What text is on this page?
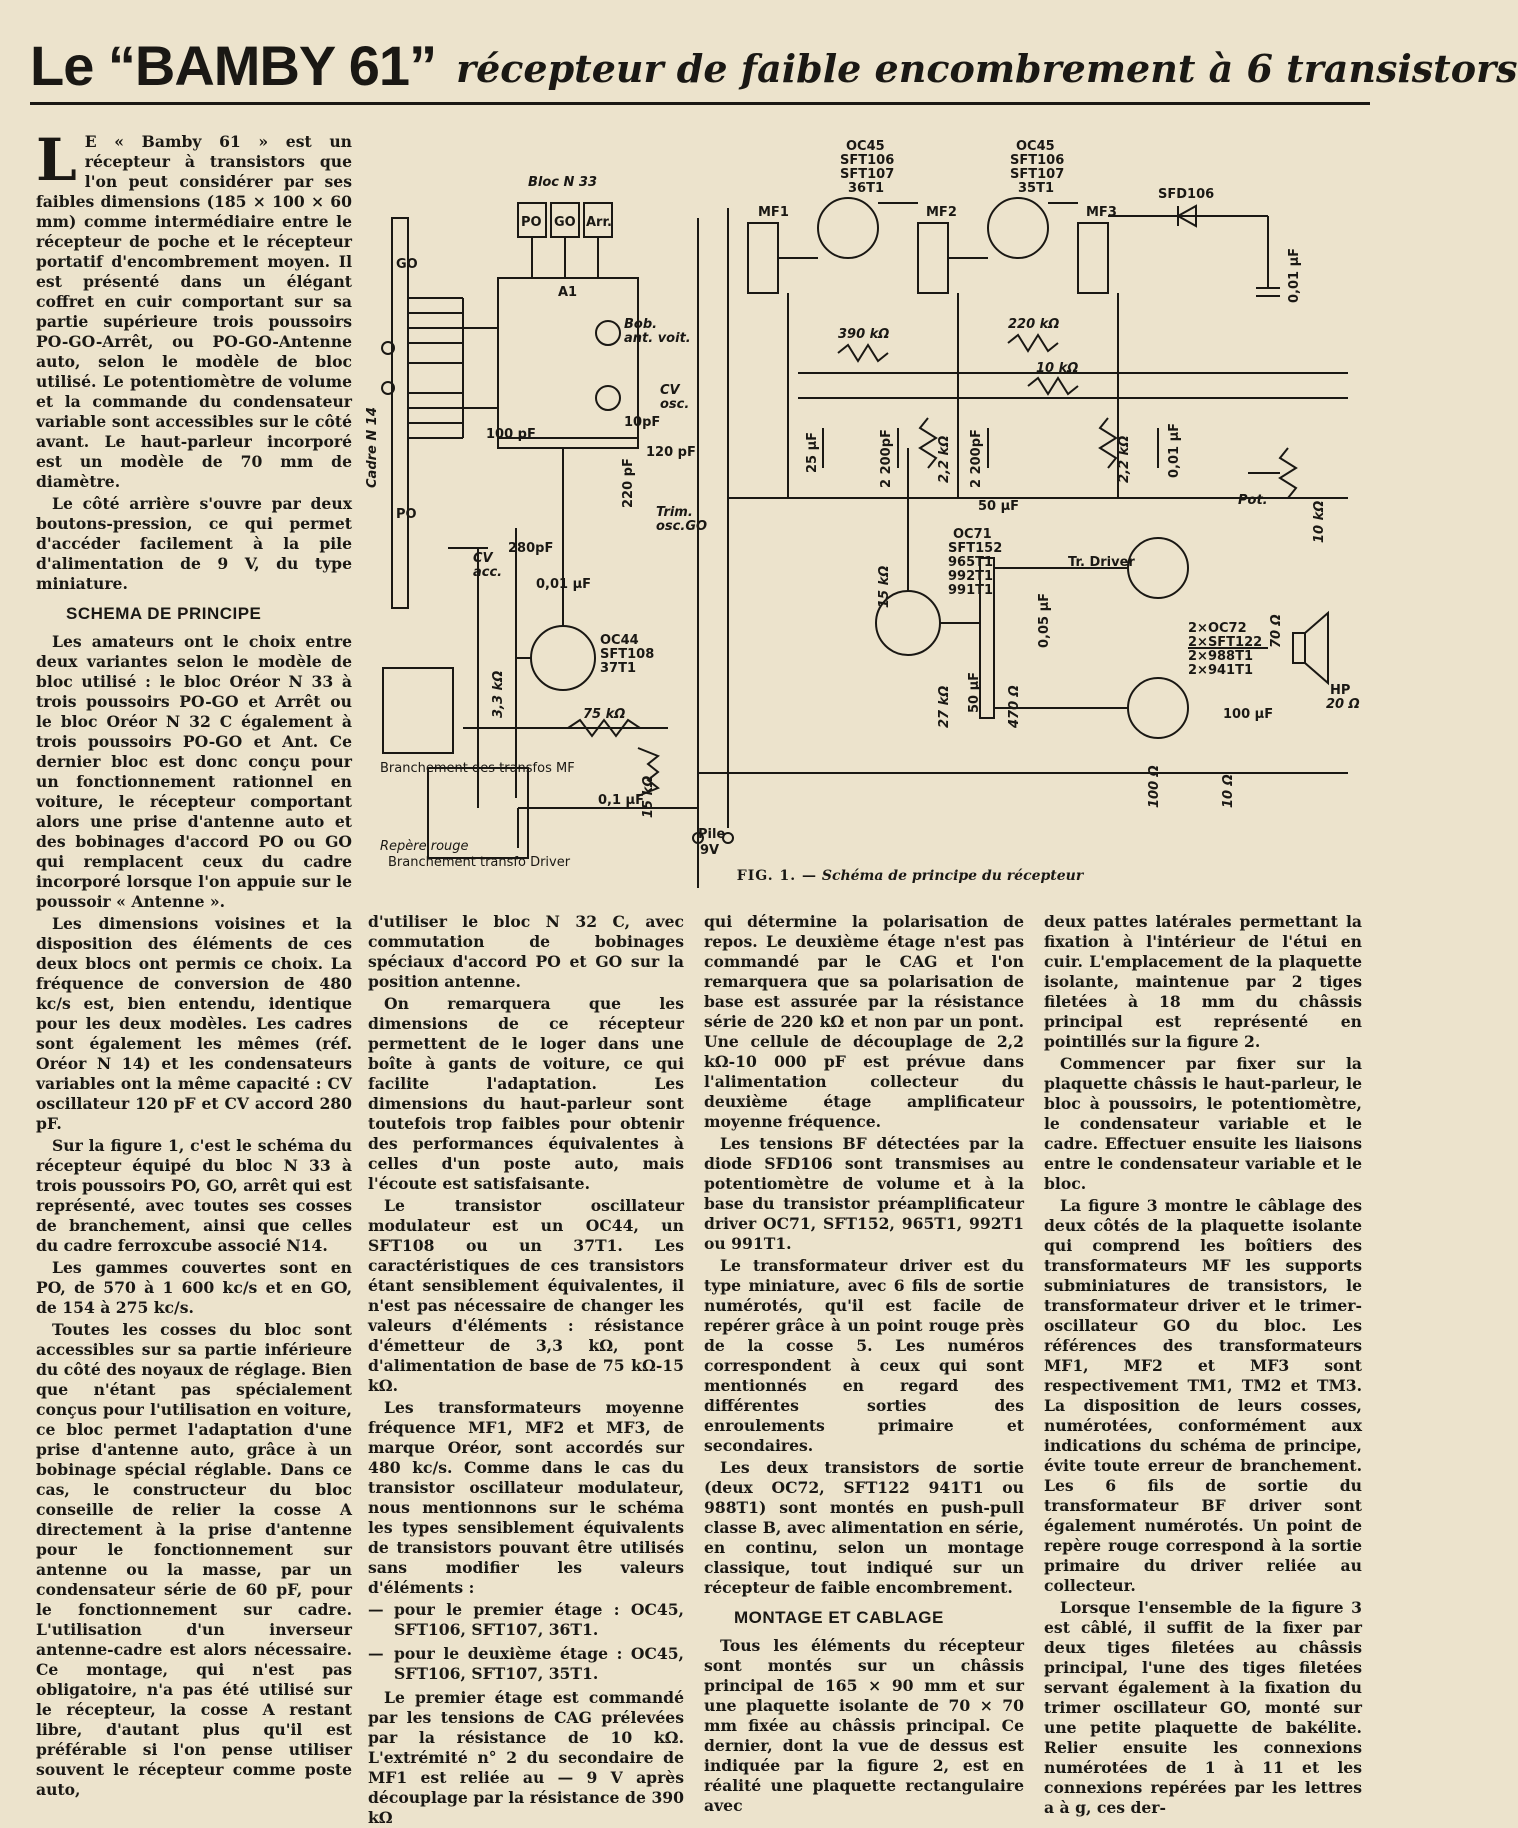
Le “BAMBY 61” récepteur de faible encombrement à 6 transistors

L E « Bamby 61 » est un récepteur à transistors que l'on peut considérer par ses faibles dimensions (185 × 100 × 60 mm) comme intermédiaire entre le récepteur de poche et le récepteur portatif d'encombrement moyen. Il est présenté dans un élégant coffret en cuir comportant sur sa partie supérieure trois poussoirs PO-GO-Arrêt, ou PO-GO-Antenne auto, selon le modèle de bloc utilisé. Le potentiomètre de volume et la commande du condensateur variable sont accessibles sur le côté avant. Le haut-parleur incorporé est un modèle de 70 mm de diamètre.

Le côté arrière s'ouvre par deux boutons-pression, ce qui permet d'accéder facilement à la pile d'alimentation de 9 V, du type miniature.

SCHEMA DE PRINCIPE

Les amateurs ont le choix entre deux variantes selon le modèle de bloc utilisé : le bloc Oréor N 33 à trois poussoirs PO-GO et Arrêt ou le bloc Oréor N 32 C également à trois poussoirs PO-GO et Ant. Ce dernier bloc est donc conçu pour un fonctionnement rationnel en voiture, le récepteur comportant alors une prise d'antenne auto et des bobinages d'accord PO ou GO qui remplacent ceux du cadre incorporé lorsque l'on appuie sur le poussoir « Antenne ».

Les dimensions voisines et la disposition des éléments de ces deux blocs ont permis ce choix. La fréquence de conversion de 480 kc/s est, bien entendu, identique pour les deux modèles. Les cadres sont également les mêmes (réf. Oréor N 14) et les condensateurs variables ont la même capacité : CV oscillateur 120 pF et CV accord 280 pF.

Sur la figure 1, c'est le schéma du récepteur équipé du bloc N 33 à trois poussoirs PO, GO, arrêt qui est représenté, avec toutes ses cosses de branchement, ainsi que celles du cadre ferroxcube associé N14.

Les gammes couvertes sont en PO, de 570 à 1 600 kc/s et en GO, de 154 à 275 kc/s.

Toutes les cosses du bloc sont accessibles sur sa partie inférieure du côté des noyaux de réglage. Bien que n'étant pas spécialement conçus pour l'utilisation en voiture, ce bloc permet l'adaptation d'une prise d'antenne auto, grâce à un bobinage spécial réglable. Dans ce cas, le constructeur du bloc conseille de relier la cosse A directement à la prise d'antenne pour le fonctionnement sur antenne ou la masse, par un condensateur série de 60 pF, pour le fonctionnement sur cadre. L'utilisation d'un inverseur antenne-cadre est alors nécessaire. Ce montage, qui n'est pas obligatoire, n'a pas été utilisé sur le récepteur, la cosse A restant libre, d'autant plus qu'il est préférable si l'on pense utiliser souvent le récepteur comme poste auto,

Bloc N 33
PO GO Arr.
A1
Cadre N 14
GO
PO
Bob.
ant. voit.
CV
osc.
100 pF
10pF
120 pF
220 pF
Trim.
osc.GO
CV
acc.
280pF
OC45
SFT106
SFT107
36T1
OC45
SFT106
SFT107
35T1
MF1	MF2	MF3
SFD106
0,01 µF
390 kΩ
220 kΩ
10 kΩ
25 µF	2 200pF	2 200pF
2,2 kΩ	2,2 kΩ	0,01 µF
Pot.
10 kΩ
50 µF
OC71
SFT152
965T1
992T1
991T1
15 kΩ
27 kΩ 50 µF 470 Ω
0,05 µF
Tr. Driver
2×OC72
2×SFT122
2×988T1
2×941T1
70 Ω
100 Ω	10 Ω
100 µF
HP
20 Ω
OC44
SFT108
37T1
3,3 kΩ
0,01 µF
75 kΩ
0,1 µF
15 kΩ
Pile
9V
Branchement des transfos MF
Repère rouge
Branchement transfo Driver
FIG. 1. — Schéma de principe du récepteur

d'utiliser le bloc N 32 C, avec commutation de bobinages spéciaux d'accord PO et GO sur la position antenne.

On remarquera que les dimensions de ce récepteur permettent de le loger dans une boîte à gants de voiture, ce qui facilite l'adaptation. Les dimensions du haut-parleur sont toutefois trop faibles pour obtenir des performances équivalentes à celles d'un poste auto, mais l'écoute est satisfaisante.

Le transistor oscillateur modulateur est un OC44, un SFT108 ou un 37T1. Les caractéristiques de ces transistors étant sensiblement équivalentes, il n'est pas nécessaire de changer les valeurs d'éléments : résistance d'émetteur de 3,3 kΩ, pont d'alimentation de base de 75 kΩ-15 kΩ.

Les transformateurs moyenne fréquence MF1, MF2 et MF3, de marque Oréor, sont accordés sur 480 kc/s. Comme dans le cas du transistor oscillateur modulateur, nous mentionnons sur le schéma les types sensiblement équivalents de transistors pouvant être utilisés sans modifier les valeurs d'éléments :

— pour le premier étage : OC45, SFT106, SFT107, 36T1.
— pour le deuxième étage : OC45, SFT106, SFT107, 35T1.

Le premier étage est commandé par les tensions de CAG prélevées par la résistance de 10 kΩ. L'extrémité n° 2 du secondaire de MF1 est reliée au — 9 V après découplage par la résistance de 390 kΩ

qui détermine la polarisation de repos. Le deuxième étage n'est pas commandé par le CAG et l'on remarquera que sa polarisation de base est assurée par la résistance série de 220 kΩ et non par un pont. Une cellule de découplage de 2,2 kΩ-10 000 pF est prévue dans l'alimentation collecteur du deuxième étage amplificateur moyenne fréquence.

Les tensions BF détectées par la diode SFD106 sont transmises au potentiomètre de volume et à la base du transistor préamplificateur driver OC71, SFT152, 965T1, 992T1 ou 991T1.

Le transformateur driver est du type miniature, avec 6 fils de sortie numérotés, qu'il est facile de repérer grâce à un point rouge près de la cosse 5. Les numéros correspondent à ceux qui sont mentionnés en regard des différentes sorties des enroulements primaire et secondaires.

Les deux transistors de sortie (deux OC72, SFT122 941T1 ou 988T1) sont montés en push-pull classe B, avec alimentation en série, en continu, selon un montage classique, tout indiqué sur un récepteur de faible encombrement.

MONTAGE ET CABLAGE

Tous les éléments du récepteur sont montés sur un châssis principal de 165 × 90 mm et sur une plaquette isolante de 70 × 70 mm fixée au châssis principal. Ce dernier, dont la vue de dessus est indiquée par la figure 2, est en réalité une plaquette rectangulaire avec

deux pattes latérales permettant la fixation à l'intérieur de l'étui en cuir. L'emplacement de la plaquette isolante, maintenue par 2 tiges filetées à 18 mm du châssis principal est représenté en pointillés sur la figure 2.

Commencer par fixer sur la plaquette châssis le haut-parleur, le bloc à poussoirs, le potentiomètre, le condensateur variable et le cadre. Effectuer ensuite les liaisons entre le condensateur variable et le bloc.

La figure 3 montre le câblage des deux côtés de la plaquette isolante qui comprend les boîtiers des transformateurs MF les supports subminiatures de transistors, le transformateur driver et le trimer-oscillateur GO du bloc. Les références des transformateurs MF1, MF2 et MF3 sont respectivement TM1, TM2 et TM3. La disposition de leurs cosses, numérotées, conformément aux indications du schéma de principe, évite toute erreur de branchement. Les 6 fils de sortie du transformateur BF driver sont également numérotés. Un point de repère rouge correspond à la sortie primaire du driver reliée au collecteur.

Lorsque l'ensemble de la figure 3 est câblé, il suffit de la fixer par deux tiges filetées au châssis principal, l'une des tiges filetées servant également à la fixation du trimer oscillateur GO, monté sur une petite plaquette de bakélite. Relier ensuite les connexions numérotées de 1 à 11 et les connexions repérées par les lettres a à g, ces der-
